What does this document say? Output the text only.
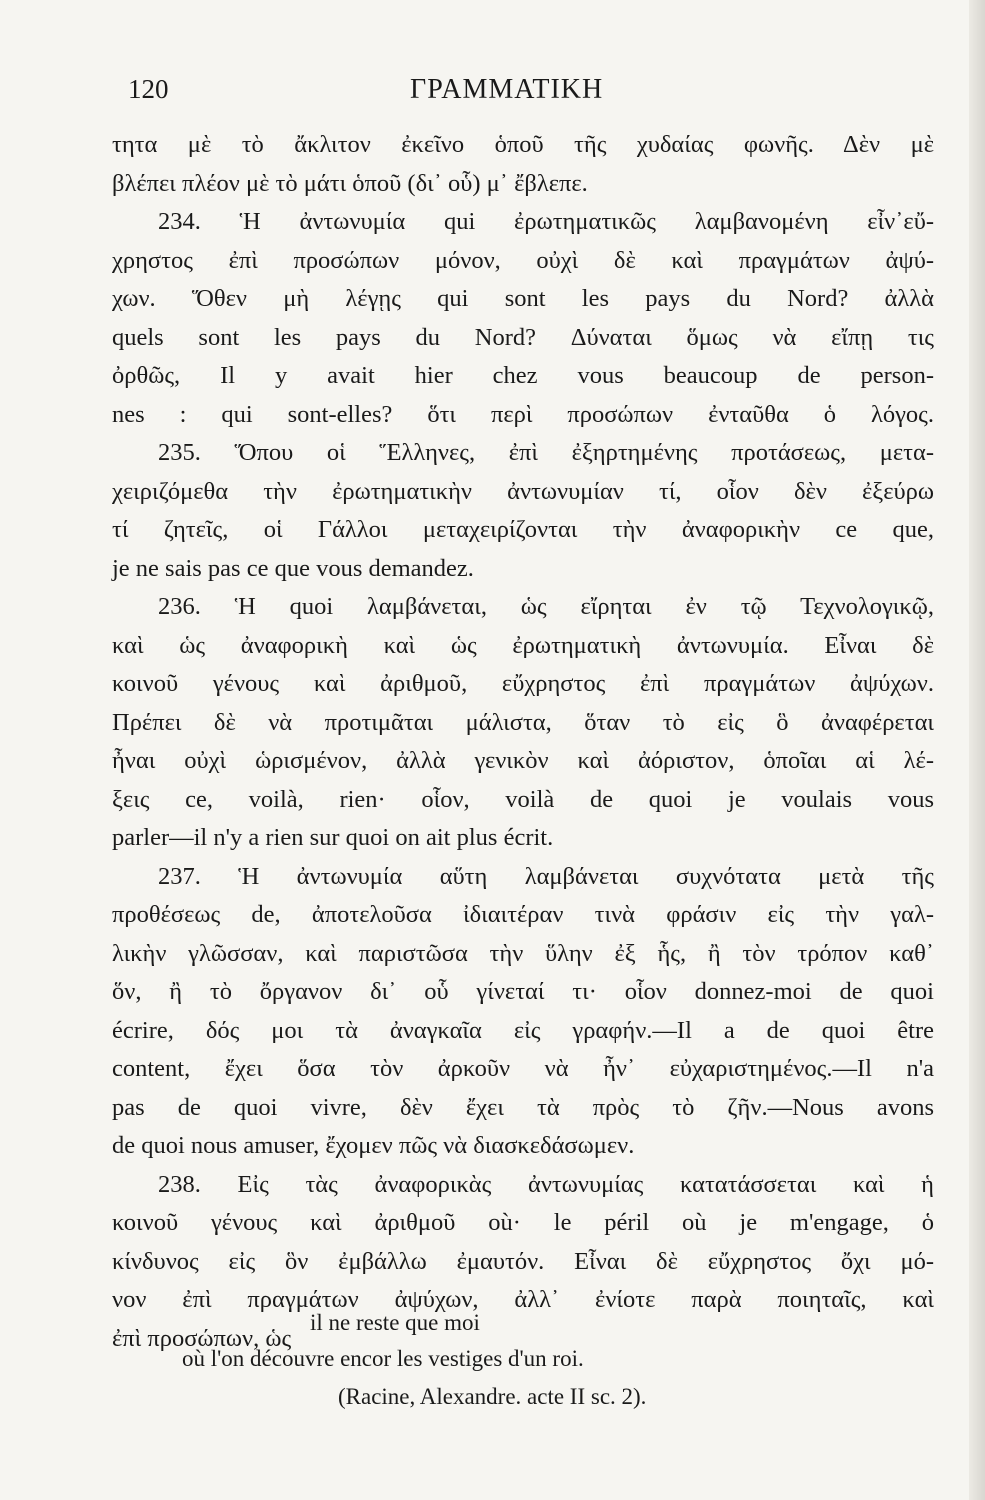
120	ΓΡΑΜΜΑΤΙΚΗ
τητα μὲ τὸ ἄκλιτον ἐκεῖνο ὁποῦ τῆς χυδαίας φωνῆς. Δὲν μὲ
βλέπει πλέον μὲ τὸ μάτι ὁποῦ (δι᾽ οὗ) μ᾽ ἔβλεπε.
234. Ἡ ἀντωνυμία qui ἐρωτηματικῶς λαμβανομένη εἶν᾽εὔ-
χρηστος ἐπὶ προσώπων μόνον, οὐχὶ δὲ καὶ πραγμάτων ἀψύ-
χων. Ὅθεν μὴ λέγῃς qui sont les pays du Nord? ἀλλὰ
quels sont les pays du Nord? Δύναται ὅμως νὰ εἴπῃ τις
ὀρθῶς, Il y avait hier chez vous beaucoup de person-
nes : qui sont-elles? ὅτι περὶ προσώπων ἐνταῦθα ὁ λόγος.
235. Ὅπου οἱ Ἕλληνες, ἐπὶ ἐξηρτημένης προτάσεως, μετα-
χειριζόμεθα τὴν ἐρωτηματικὴν ἀντωνυμίαν τί, οἷον δὲν ἐξεύρω
τί ζητεῖς, οἱ Γάλλοι μεταχειρίζονται τὴν ἀναφορικὴν ce que,
je ne sais pas ce que vous demandez.
236. Ἡ quoi λαμβάνεται, ὡς εἴρηται ἐν τῷ Τεχνολογικῷ,
καὶ ὡς ἀναφορικὴ καὶ ὡς ἐρωτηματικὴ ἀντωνυμία. Εἶναι δὲ
κοινοῦ γένους καὶ ἀριθμοῦ, εὔχρηστος ἐπὶ πραγμάτων ἀψύχων.
Πρέπει δὲ νὰ προτιμᾶται μάλιστα, ὅταν τὸ εἰς ὃ ἀναφέρεται
ἦναι οὐχὶ ὡρισμένον, ἀλλὰ γενικὸν καὶ ἀόριστον, ὁποῖαι αἱ λέ-
ξεις ce, voilà, rien· οἷον, voilà de quoi je voulais vous
parler—il n'y a rien sur quoi on ait plus écrit.
237. Ἡ ἀντωνυμία αὕτη λαμβάνεται συχνότατα μετὰ τῆς
προθέσεως de, ἀποτελοῦσα ἰδιαιτέραν τινὰ φράσιν εἰς τὴν γαλ-
λικὴν γλῶσσαν, καὶ παριστῶσα τὴν ὕλην ἐξ ἧς, ἢ τὸν τρόπον καθ᾽
ὅν, ἢ τὸ ὄργανον δι᾽ οὗ γίνεταί τι· οἷον donnez-moi de quoi
écrire, δός μοι τὰ ἀναγκαῖα εἰς γραφήν.—Il a de quoi être
content, ἔχει ὅσα τὸν ἀρκοῦν νὰ ἦν᾽ εὐχαριστημένος.—Il n'a
pas de quoi vivre, δὲν ἔχει τὰ πρὸς τὸ ζῆν.—Nous avons
de quoi nous amuser, ἔχομεν πῶς νὰ διασκεδάσωμεν.
238. Εἰς τὰς ἀναφορικὰς ἀντωνυμίας κατατάσσεται καὶ ἡ
κοινοῦ γένους καὶ ἀριθμοῦ où· le péril où je m'engage, ὁ
κίνδυνος εἰς ὃν ἐμβάλλω ἐμαυτόν. Εἶναι δὲ εὔχρηστος ὄχι μό-
νον ἐπὶ πραγμάτων ἀψύχων, ἀλλ᾽ ἐνίοτε παρὰ ποιηταῖς, καὶ
ἐπὶ προσώπων, ὡς
il ne reste que moi
où l'on découvre encor les vestiges d'un roi.
(Racine, Alexandre. acte II sc. 2).
